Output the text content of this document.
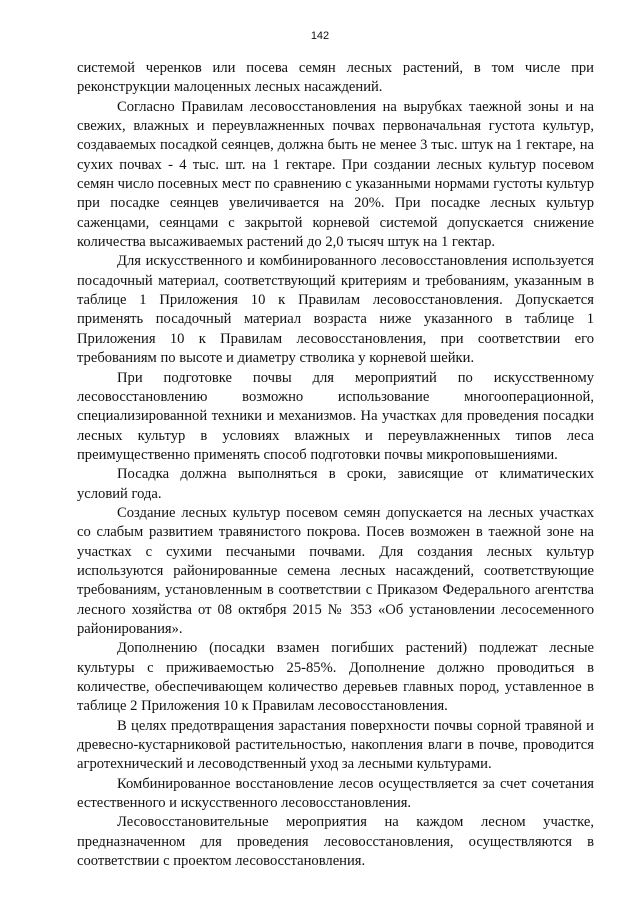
142

системой черенков или посева семян лесных растений, в том числе при реконструкции малоценных лесных насаждений.

Согласно Правилам лесовосстановления на вырубках таежной зоны и на свежих, влажных и переувлажненных почвах первоначальная густота культур, создаваемых посадкой сеянцев, должна быть не менее 3 тыс. штук на 1 гектаре, на сухих почвах - 4 тыс. шт. на 1 гектаре. При создании лесных культур посевом семян число посевных мест по сравнению с указанными нормами густоты культур при посадке сеянцев увеличивается на 20%. При посадке лесных культур саженцами, сеянцами с закрытой корневой системой допускается снижение количества высаживаемых растений до 2,0 тысяч штук на 1 гектар.

Для искусственного и комбинированного лесовосстановления используется посадочный материал, соответствующий критериям и требованиям, указанным в таблице 1 Приложения 10 к Правилам лесовосстановления. Допускается применять посадочный материал возраста ниже указанного в таблице 1 Приложения 10 к Правилам лесовосстановления, при соответствии его требованиям по высоте и диаметру стволика у корневой шейки.

При подготовке почвы для мероприятий по искусственному лесовосстановлению возможно использование многооперационной, специализированной техники и механизмов. На участках для проведения посадки лесных культур в условиях влажных и переувлажненных типов леса преимущественно применять способ подготовки почвы микроповышениями.

Посадка должна выполняться в сроки, зависящие от климатических условий года.

Создание лесных культур посевом семян допускается на лесных участках со слабым развитием травянистого покрова. Посев возможен в таежной зоне на участках с сухими песчаными почвами. Для создания лесных культур используются районированные семена лесных насаждений, соответствующие требованиям, установленным в соответствии с Приказом Федерального агентства лесного хозяйства от 08 октября 2015 № 353 «Об установлении лесосеменного районирования».

Дополнению (посадки взамен погибших растений) подлежат лесные культуры с приживаемостью 25-85%. Дополнение должно проводиться в количестве, обеспечивающем количество деревьев главных пород, уставленное в таблице 2 Приложения 10 к Правилам лесовосстановления.

В целях предотвращения зарастания поверхности почвы сорной травяной и древесно-кустарниковой растительностью, накопления влаги в почве, проводится агротехнический и лесоводственный уход за лесными культурами.

Комбинированное восстановление лесов осуществляется за счет сочетания естественного и искусственного лесовосстановления.

Лесовосстановительные мероприятия на каждом лесном участке, предназначенном для проведения лесовосстановления, осуществляются в соответствии с проектом лесовосстановления.
